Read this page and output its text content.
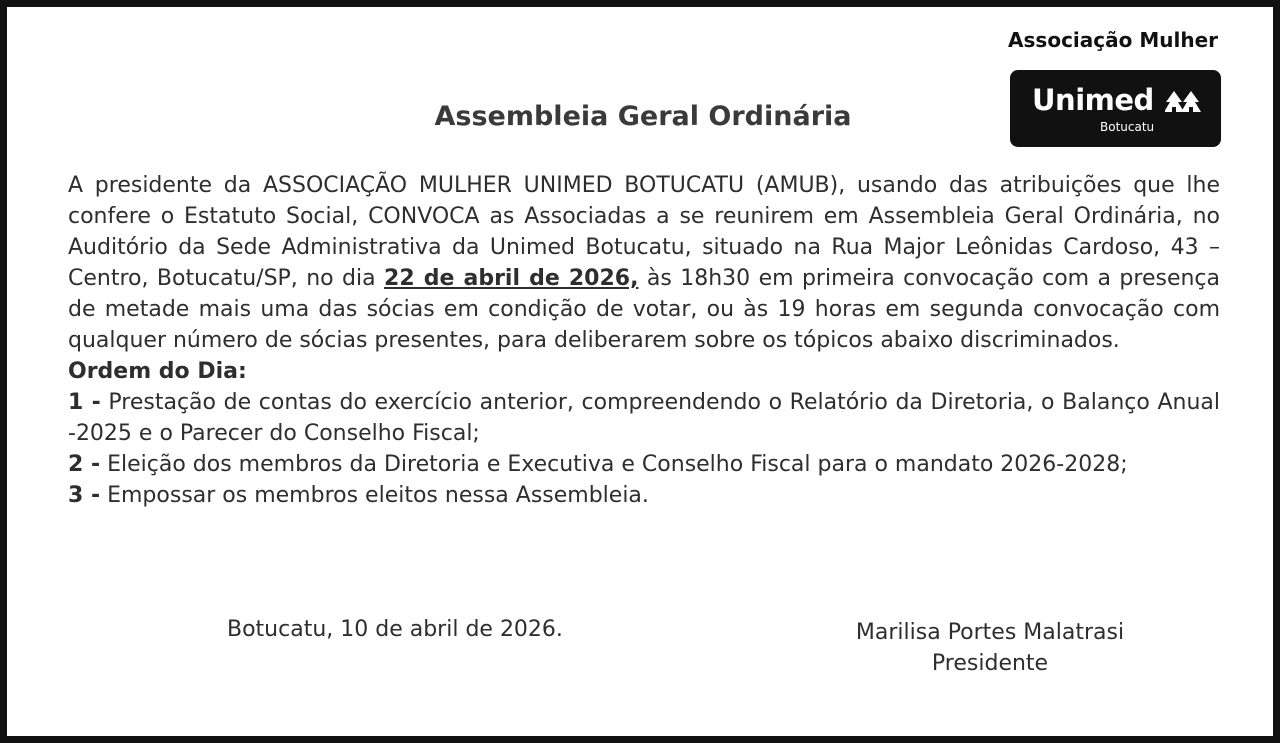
Associação Mulher
Unimed
Botucatu
Assembleia Geral Ordinária

A presidente da ASSOCIAÇÃO MULHER UNIMED BOTUCATU (AMUB), usando das atribuições que lhe confere o Estatuto Social, CONVOCA as Associadas a se reunirem em Assembleia Geral Ordinária, no Auditório da Sede Administrativa da Unimed Botucatu, situado na Rua Major Leônidas Cardoso, 43 – Centro, Botucatu/SP, no dia 22 de abril de 2026, às 18h30 em primeira convocação com a presença de metade mais uma das sócias em condição de votar, ou às 19 horas em segunda convocação com qualquer número de sócias presentes, para deliberarem sobre os tópicos abaixo discriminados.

Ordem do Dia:

1 - Prestação de contas do exercício anterior, compreendendo o Relatório da Diretoria, o Balanço Anual -2025 e o Parecer do Conselho Fiscal;

2 - Eleição dos membros da Diretoria e Executiva e Conselho Fiscal para o mandato 2026-2028;

3 - Empossar os membros eleitos nessa Assembleia.

Botucatu, 10 de abril de 2026.	Marilisa Portes Malatrasi
Presidente
